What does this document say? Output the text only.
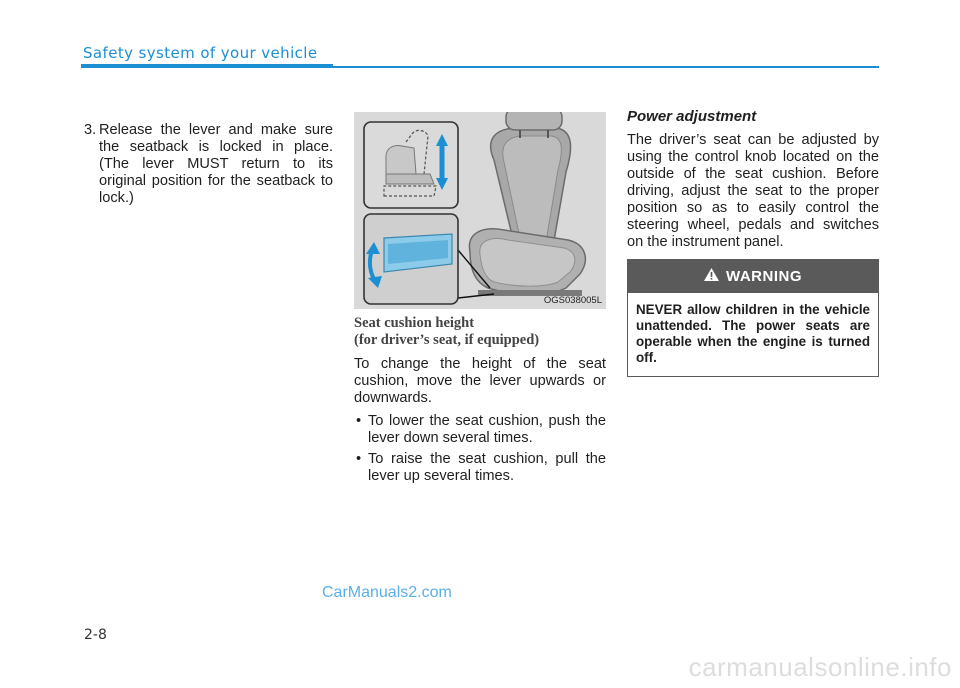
Safety system of your vehicle
3. Release the lever and make sure the seatback is locked in place. (The lever MUST return to its original position for the seatback to lock.)
OGS038005L
Seat cushion height
(for driver’s seat, if equipped)

To change the height of the seat cushion, move the lever upwards or downwards.

• To lower the seat cushion, push the lever down several times.
• To raise the seat cushion, pull the lever up several times.
Power adjustment

The driver’s seat can be adjusted by using the control knob located on the outside of the seat cushion. Before driving, adjust the seat to the proper position so as to easily control the steering wheel, pedals and switches on the instrument panel.

WARNING
NEVER allow children in the vehicle unattended. The power seats are operable when the engine is turned off.
CarManuals2.com
2-8
carmanualsonline.info
